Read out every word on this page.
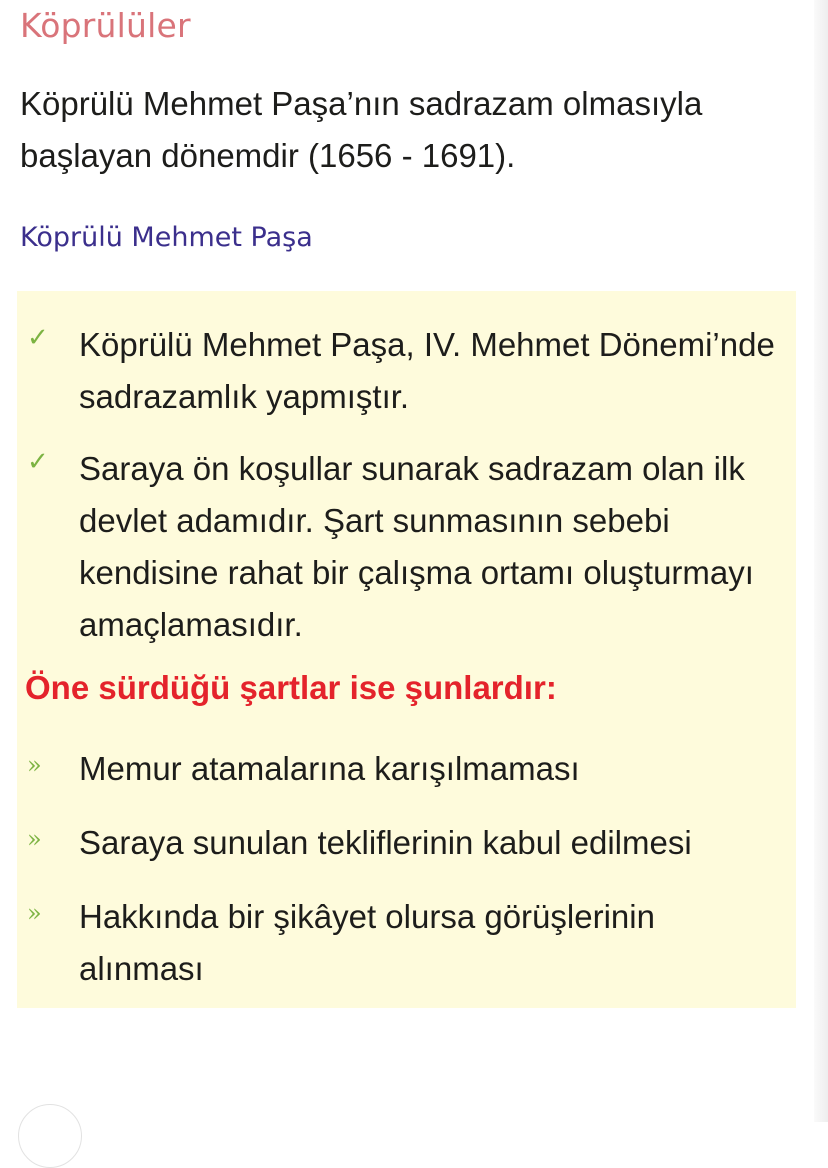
Köprülüler
Köprülü Mehmet Paşa’nın sadrazam olmasıyla başlayan dönemdir (1656 - 1691).
Köprülü Mehmet Paşa
✓ Köprülü Mehmet Paşa, IV. Mehmet Dönemi’nde sadrazamlık yapmıştır.
✓ Saraya ön koşullar sunarak sadrazam olan ilk devlet adamıdır. Şart sunmasının sebebi kendisine rahat bir çalışma ortamı oluşturmayı amaçlamasıdır.
Öne sürdüğü şartlar ise şunlardır:
» Memur atamalarına karışılmaması
» Saraya sunulan tekliflerinin kabul edilmesi
» Hakkında bir şikâyet olursa görüşlerinin alınması
